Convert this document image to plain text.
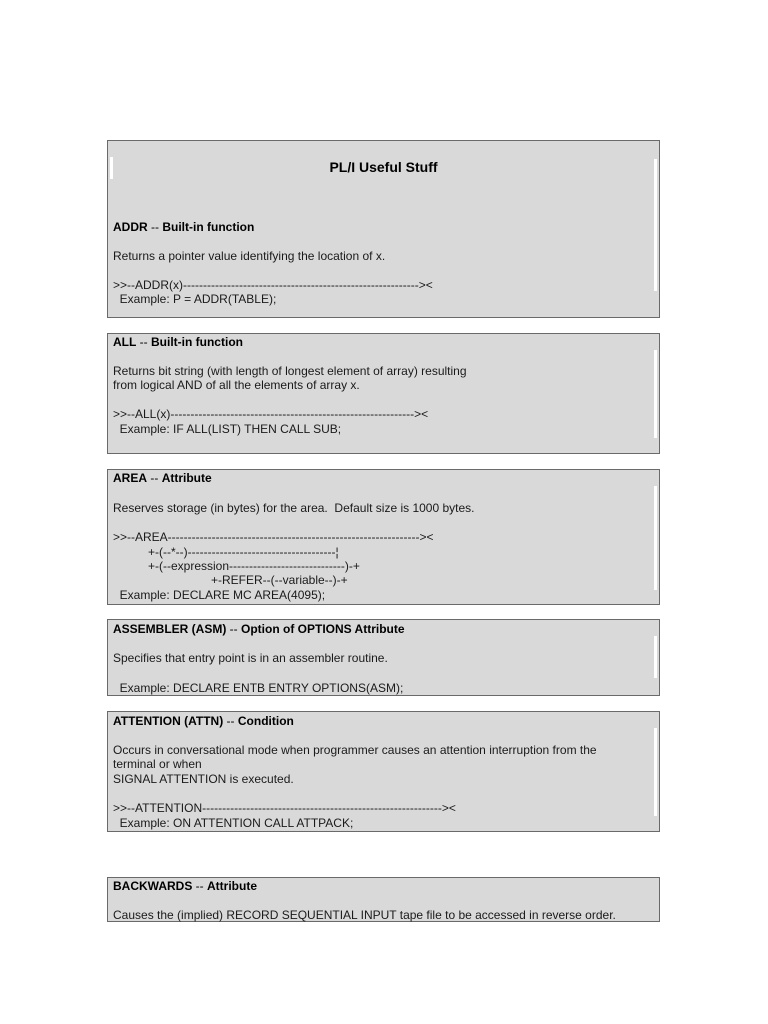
PL/I Useful Stuff
ADDR -- Built-in function
Returns a pointer value identifying the location of x.
>>--ADDR(x)-----------------------------------------------------------><
Example: P = ADDR(TABLE);
ALL -- Built-in function
Returns bit string (with length of longest element of array) resulting
from logical AND of all the elements of array x.
>>--ALL(x)-------------------------------------------------------------><
Example: IF ALL(LIST) THEN CALL SUB;
AREA -- Attribute
Reserves storage (in bytes) for the area.  Default size is 1000 bytes.
>>--AREA---------------------------------------------------------------><
+-(--*--)-------------------------------------¦
+-(--expression-----------------------------)-+
+-REFER--(--variable--)-+
Example: DECLARE MC AREA(4095);
ASSEMBLER (ASM) -- Option of OPTIONS Attribute
Specifies that entry point is in an assembler routine.
Example: DECLARE ENTB ENTRY OPTIONS(ASM);
ATTENTION (ATTN) -- Condition
Occurs in conversational mode when programmer causes an attention interruption from the
terminal or when
SIGNAL ATTENTION is executed.
>>--ATTENTION------------------------------------------------------------><
Example: ON ATTENTION CALL ATTPACK;
BACKWARDS -- Attribute
Causes the (implied) RECORD SEQUENTIAL INPUT tape file to be accessed in reverse order.
